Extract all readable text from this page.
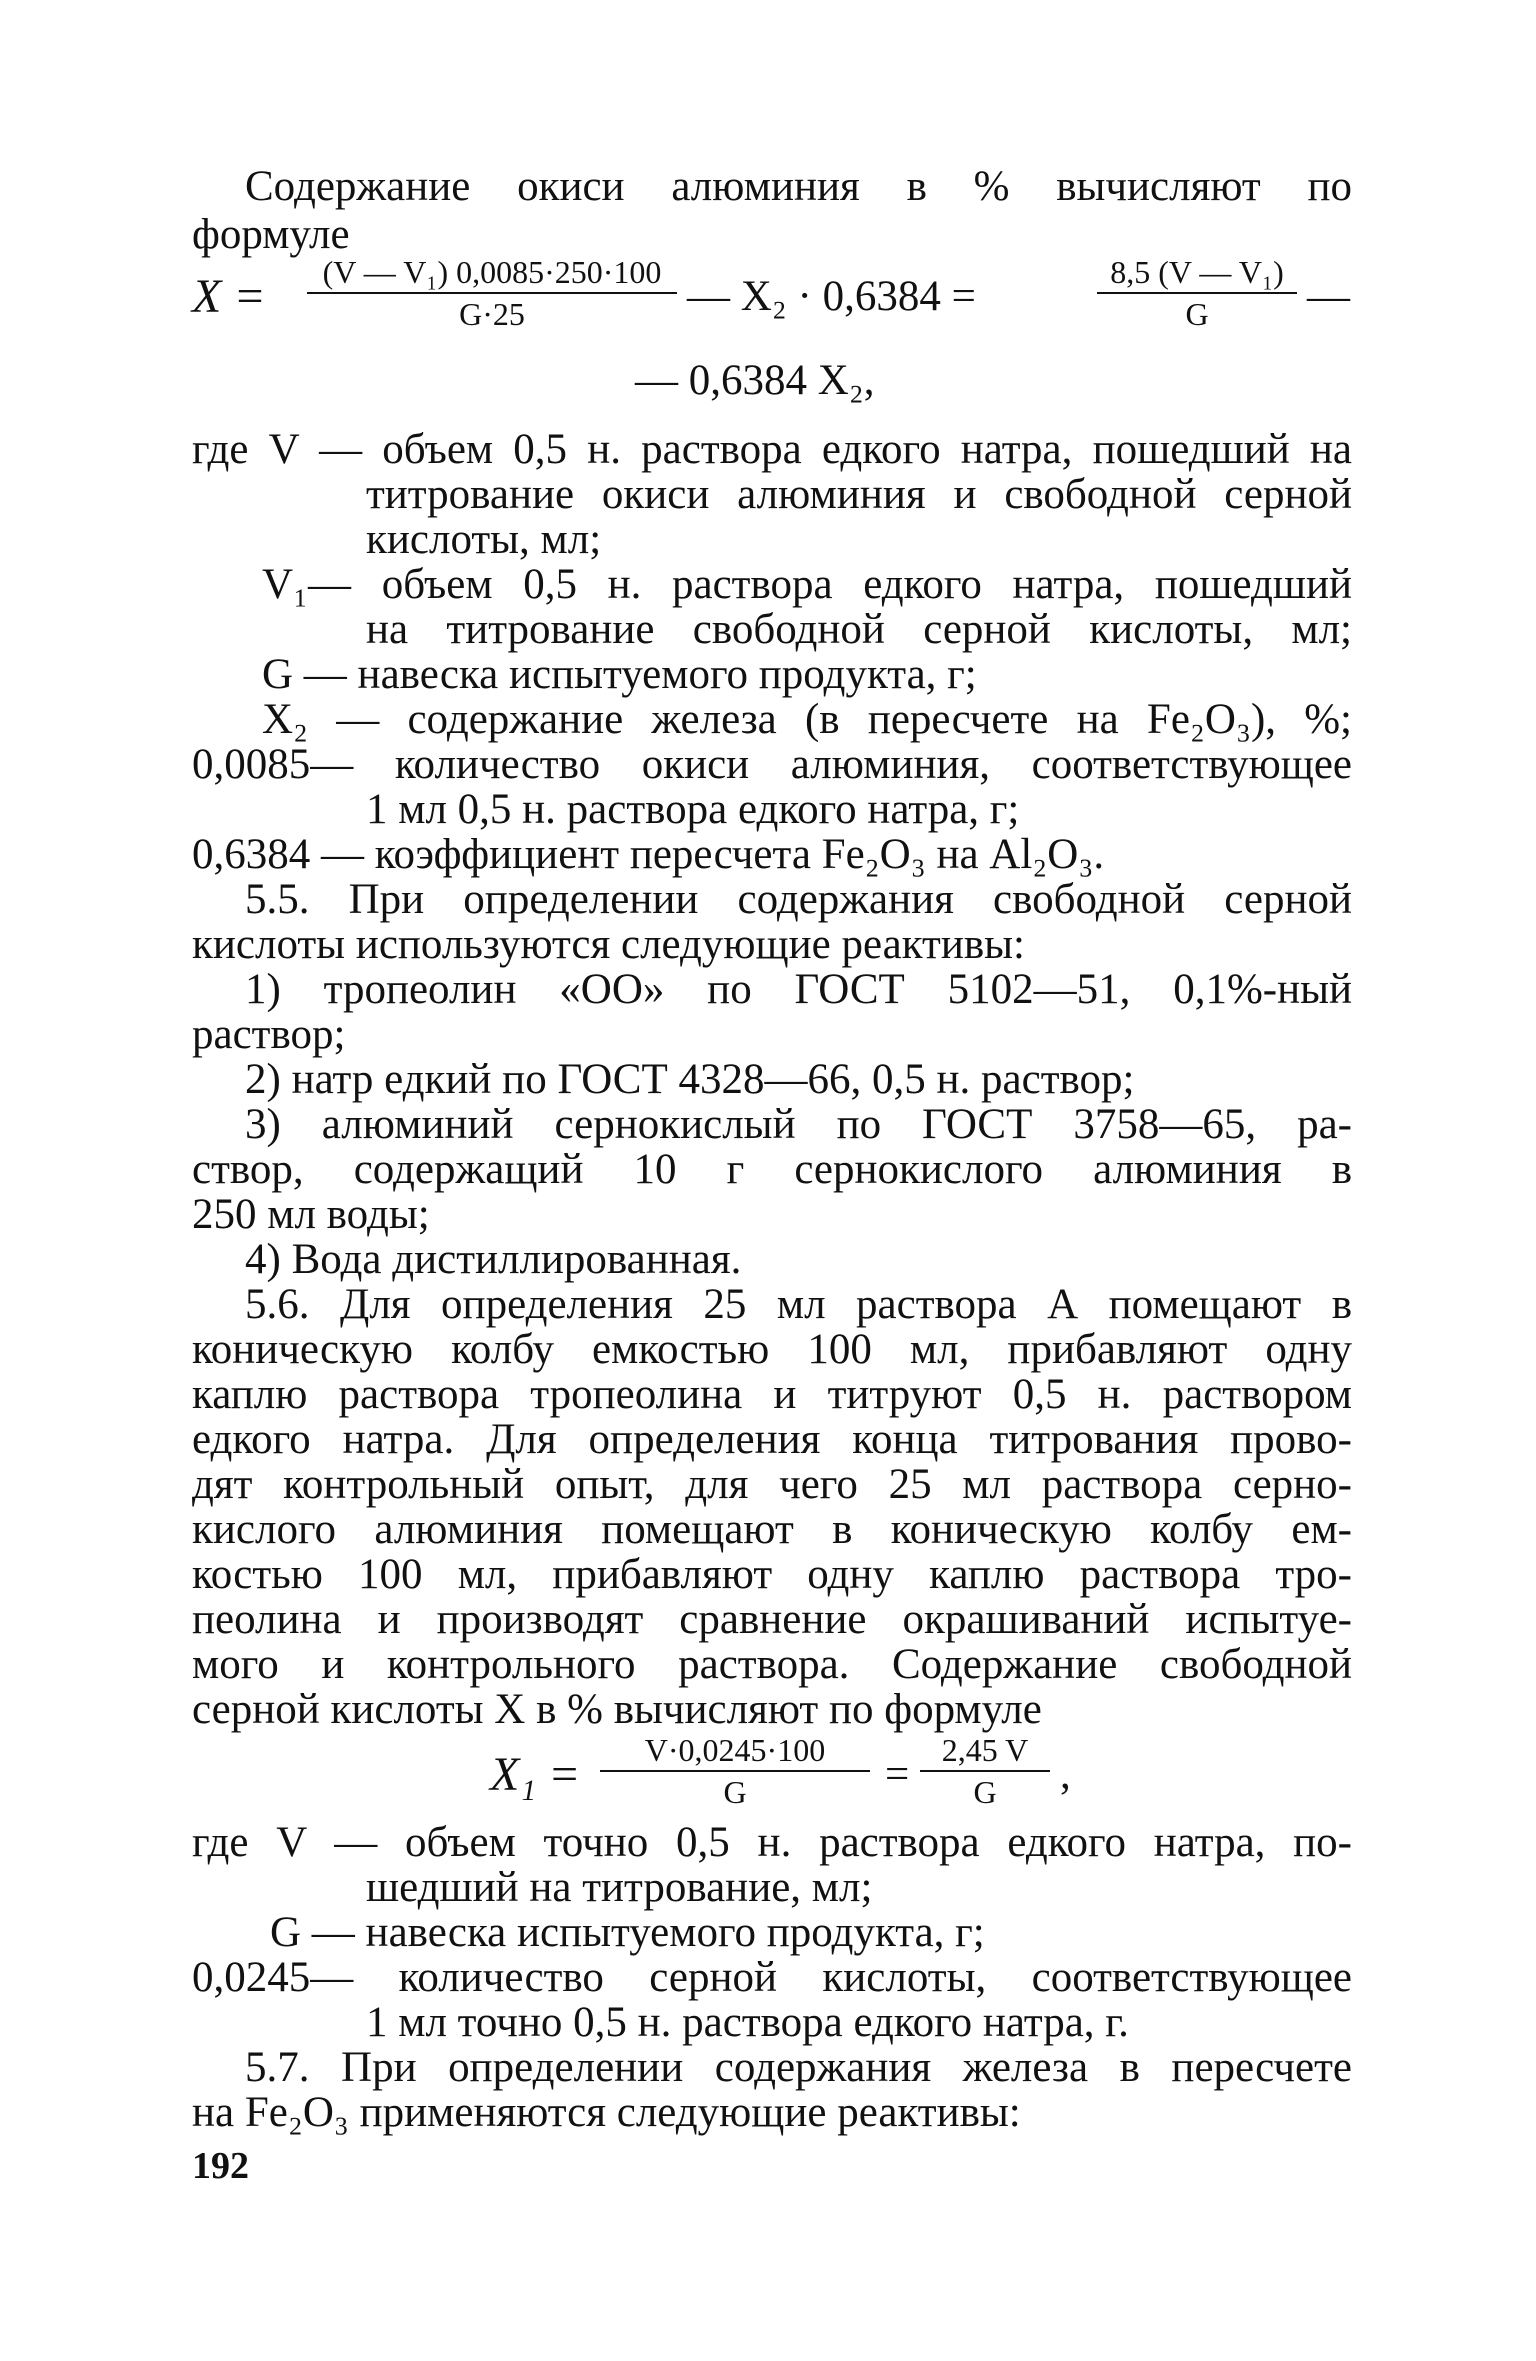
Содержание окиси алюминия в % вычисляют по
формуле
X =	(V — V₁) 0,0085·250·100
G·25	— X₂ · 0,6384 =
8,5 (V — V₁)
G	—
— 0,6384 X₂,
где V — объем 0,5 н. раствора едкого натра, пошедший на
титрование окиси алюминия и свободной серной
кислоты, мл;
V₁— объем 0,5 н. раствора едкого натра, пошедший
на титрование свободной серной кислоты, мл;
G — навеска испытуемого продукта, г;
X₂ — содержание железа (в пересчете на Fe₂O₃), %;
0,0085— количество окиси алюминия, соответствующее
1 мл 0,5 н. раствора едкого натра, г;
0,6384 — коэффициент пересчета Fe₂O₃ на Al₂O₃.
5.5. При определении содержания свободной серной
кислоты используются следующие реактивы:
1) тропеолин «ОО» по ГОСТ 5102—51, 0,1%-ный
раствор;
2) натр едкий по ГОСТ 4328—66, 0,5 н. раствор;
3) алюминий сернокислый по ГОСТ 3758—65, ра-
створ, содержащий 10 г сернокислого алюминия в
250 мл воды;
4) Вода дистиллированная.
5.6. Для определения 25 мл раствора А помещают в
коническую колбу емкостью 100 мл, прибавляют одну
каплю раствора тропеолина и титруют 0,5 н. раствором
едкого натра. Для определения конца титрования прово-
дят контрольный опыт, для чего 25 мл раствора серно-
кислого алюминия помещают в коническую колбу ем-
костью 100 мл, прибавляют одну каплю раствора тро-
пеолина и производят сравнение окрашиваний испытуе-
мого и контрольного раствора. Содержание свободной
серной кислоты X в % вычисляют по формуле
X₁ =	V·0,0245·100
G	=
2,45 V
G	,
где V — объем точно 0,5 н. раствора едкого натра, по-
шедший на титрование, мл;
G — навеска испытуемого продукта, г;
0,0245— количество серной кислоты, соответствующее
1 мл точно 0,5 н. раствора едкого натра, г.
5.7. При определении содержания железа в пересчете
на Fe₂O₃ применяются следующие реактивы:
192
